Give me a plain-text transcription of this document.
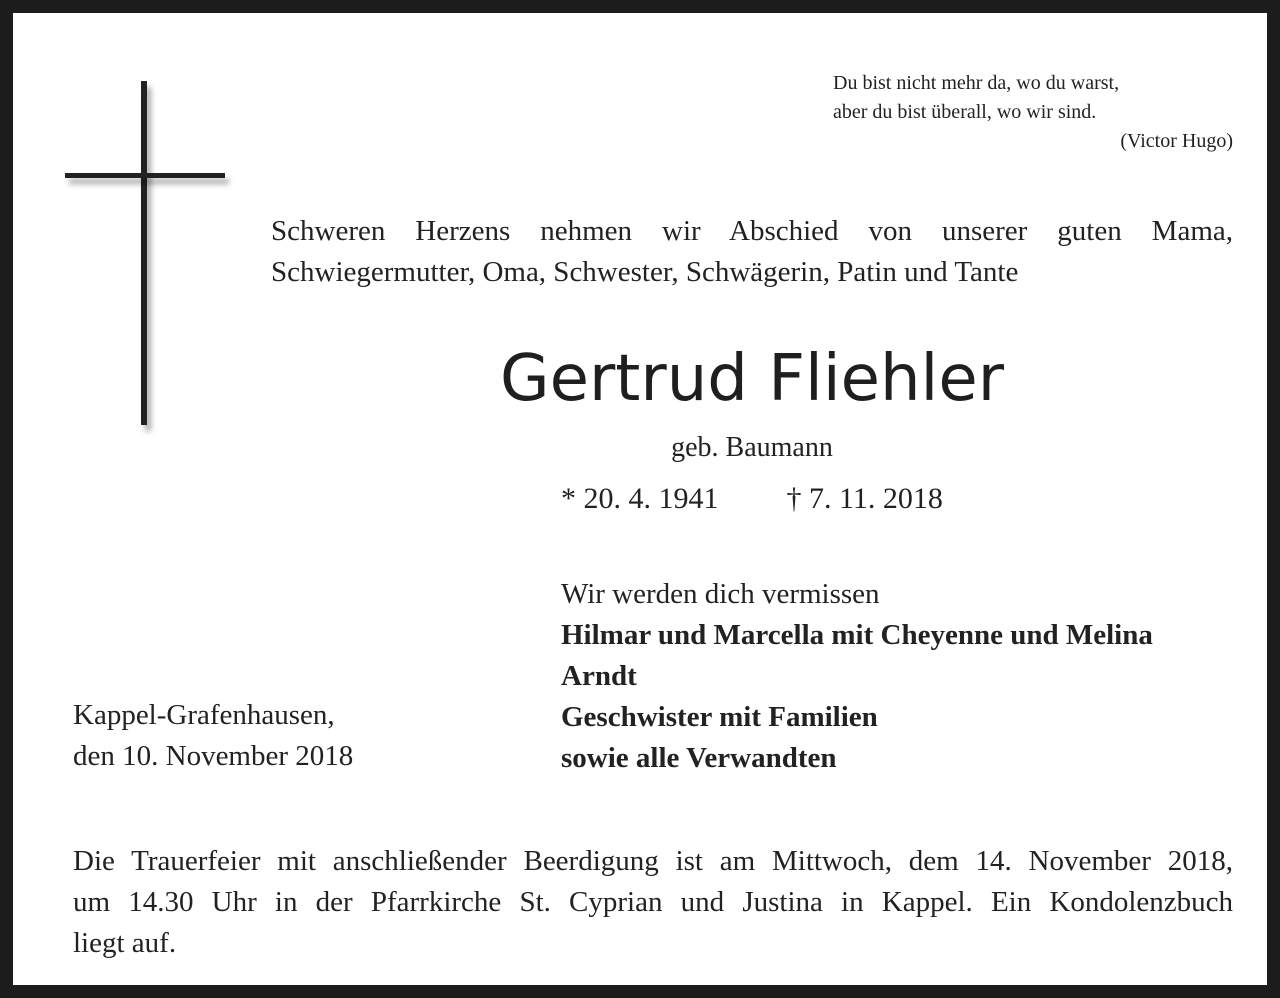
Du bist nicht mehr da, wo du warst,
aber du bist überall, wo wir sind.
(Victor Hugo)
Schweren Herzens nehmen wir Abschied von unserer guten Mama,
Schwiegermutter, Oma, Schwester, Schwägerin, Patin und Tante
Gertrud Fliehler
geb. Baumann
* 20. 4. 1941 † 7. 11. 2018
Wir werden dich vermissen
Hilmar und Marcella mit Cheyenne und Melina
Arndt
Geschwister mit Familien
sowie alle Verwandten
Kappel-Grafenhausen,
den 10. November 2018
Die Trauerfeier mit anschließender Beerdigung ist am Mittwoch, dem 14. November 2018,
um 14.30 Uhr in der Pfarrkirche St. Cyprian und Justina in Kappel. Ein Kondolenzbuch
liegt auf.
